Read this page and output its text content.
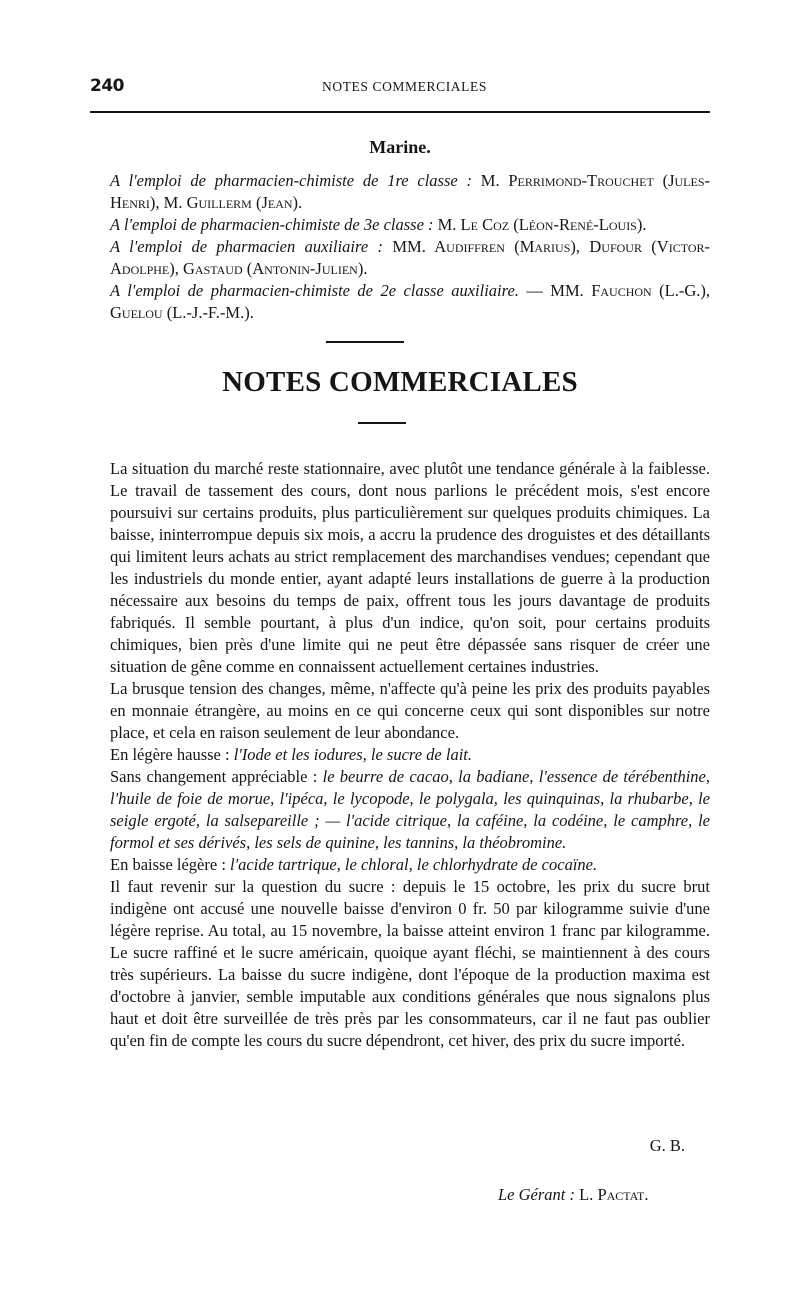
240	NOTES COMMERCIALES
Marine.

A l'emploi de pharmacien-chimiste de 1re classe : M. Perrimond-Trouchet (Jules-Henri), M. Guillerm (Jean).

A l'emploi de pharmacien-chimiste de 3e classe : M. Le Coz (Léon-René-Louis).

A l'emploi de pharmacien auxiliaire : MM. Audiffren (Marius), Dufour (Victor-Adolphe), Gastaud (Antonin-Julien).

A l'emploi de pharmacien-chimiste de 2e classe auxiliaire. — MM. Fauchon (L.-G.), Guelou (L.-J.-F.-M.).

NOTES COMMERCIALES

La situation du marché reste stationnaire, avec plutôt une tendance générale à la faiblesse. Le travail de tassement des cours, dont nous parlions le précédent mois, s'est encore poursuivi sur certains produits, plus particulièrement sur quelques produits chimiques. La baisse, ininterrompue depuis six mois, a accru la prudence des droguistes et des détaillants qui limitent leurs achats au strict remplacement des marchandises vendues; cependant que les industriels du monde entier, ayant adapté leurs installations de guerre à la production nécessaire aux besoins du temps de paix, offrent tous les jours davantage de produits fabriqués. Il semble pourtant, à plus d'un indice, qu'on soit, pour certains produits chimiques, bien près d'une limite qui ne peut être dépassée sans risquer de créer une situation de gêne comme en connaissent actuellement certaines industries.

La brusque tension des changes, même, n'affecte qu'à peine les prix des produits payables en monnaie étrangère, au moins en ce qui concerne ceux qui sont disponibles sur notre place, et cela en raison seulement de leur abondance.

En légère hausse : l'Iode et les iodures, le sucre de lait.

Sans changement appréciable : le beurre de cacao, la badiane, l'essence de térébenthine, l'huile de foie de morue, l'ipéca, le lycopode, le polygala, les quinquinas, la rhubarbe, le seigle ergoté, la salsepareille ; — l'acide citrique, la caféine, la codéine, le camphre, le formol et ses dérivés, les sels de quinine, les tannins, la théobromine.

En baisse légère : l'acide tartrique, le chloral, le chlorhydrate de cocaïne.

Il faut revenir sur la question du sucre : depuis le 15 octobre, les prix du sucre brut indigène ont accusé une nouvelle baisse d'environ 0 fr. 50 par kilogramme suivie d'une légère reprise. Au total, au 15 novembre, la baisse atteint environ 1 franc par kilogramme. Le sucre raffiné et le sucre américain, quoique ayant fléchi, se maintiennent à des cours très supérieurs. La baisse du sucre indigène, dont l'époque de la production maxima est d'octobre à janvier, semble imputable aux conditions générales que nous signalons plus haut et doit être surveillée de très près par les consommateurs, car il ne faut pas oublier qu'en fin de compte les cours du sucre dépendront, cet hiver, des prix du sucre importé.

G. B.
Le Gérant : L. Pactat.
